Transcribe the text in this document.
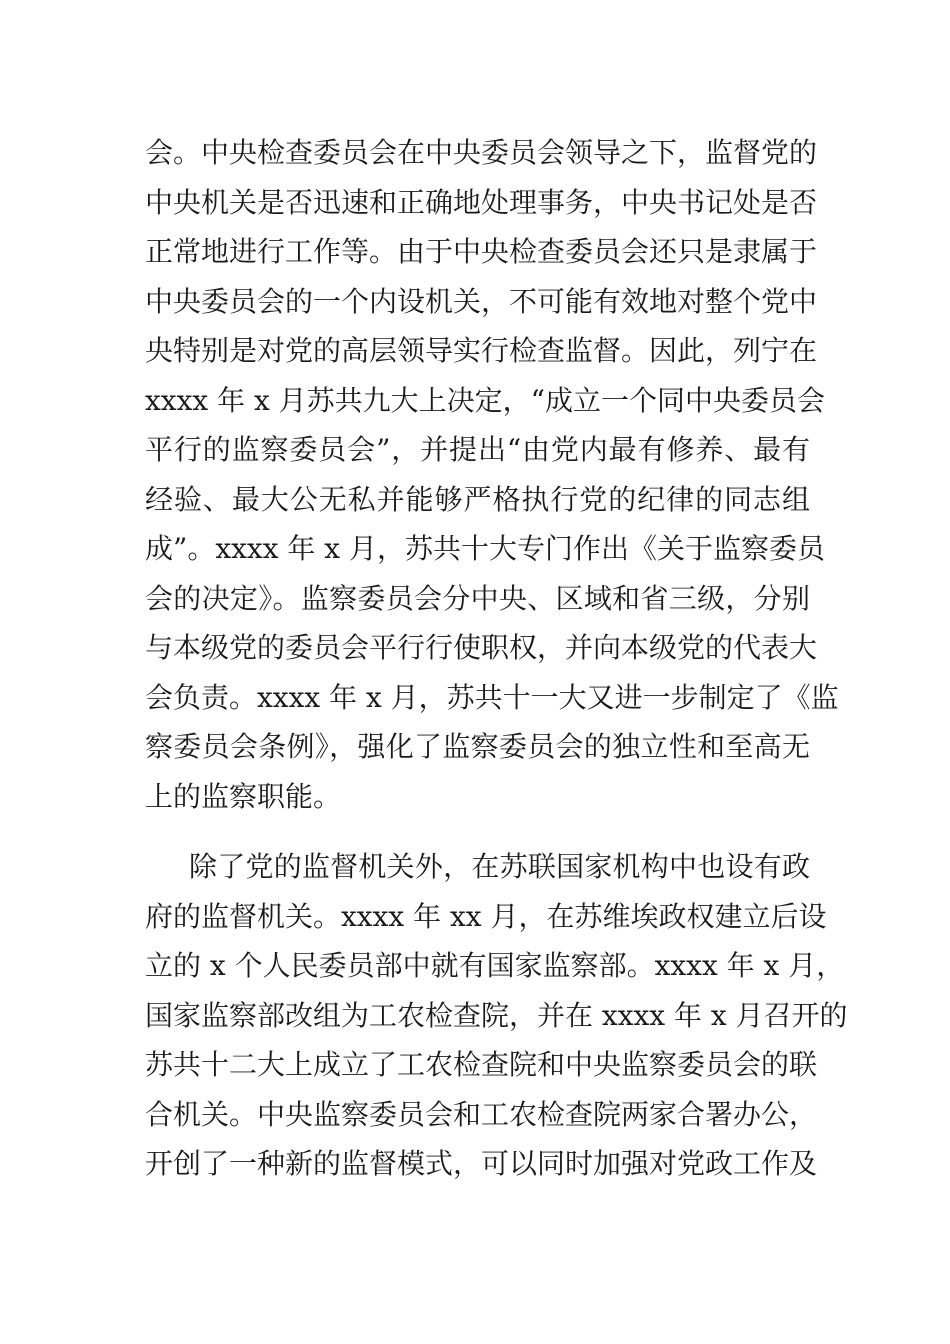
会。中央检查委员会在中央委员会领导之下，监督党的
中央机关是否迅速和正确地处理事务，中央书记处是否
正常地进行工作等。由于中央检查委员会还只是隶属于
中央委员会的一个内设机关，不可能有效地对整个党中
央特别是对党的高层领导实行检查监督。因此，列宁在
xxxx 年 x 月苏共九大上决定，“成立一个同中央委员会
平行的监察委员会”，并提出“由党内最有修养、最有
经验、最大公无私并能够严格执行党的纪律的同志组
成”。xxxx 年 x 月，苏共十大专门作出《关于监察委员
会的决定》。监察委员会分中央、区域和省三级，分别
与本级党的委员会平行行使职权，并向本级党的代表大
会负责。xxxx 年 x 月，苏共十一大又进一步制定了《监
察委员会条例》，强化了监察委员会的独立性和至高无
上的监察职能。
除了党的监督机关外，在苏联国家机构中也设有政
府的监督机关。xxxx 年 xx 月，在苏维埃政权建立后设
立的 x 个人民委员部中就有国家监察部。xxxx 年 x 月，
国家监察部改组为工农检查院，并在 xxxx 年 x 月召开的
苏共十二大上成立了工农检查院和中央监察委员会的联
合机关。中央监察委员会和工农检查院两家合署办公，
开创了一种新的监督模式，可以同时加强对党政工作及
